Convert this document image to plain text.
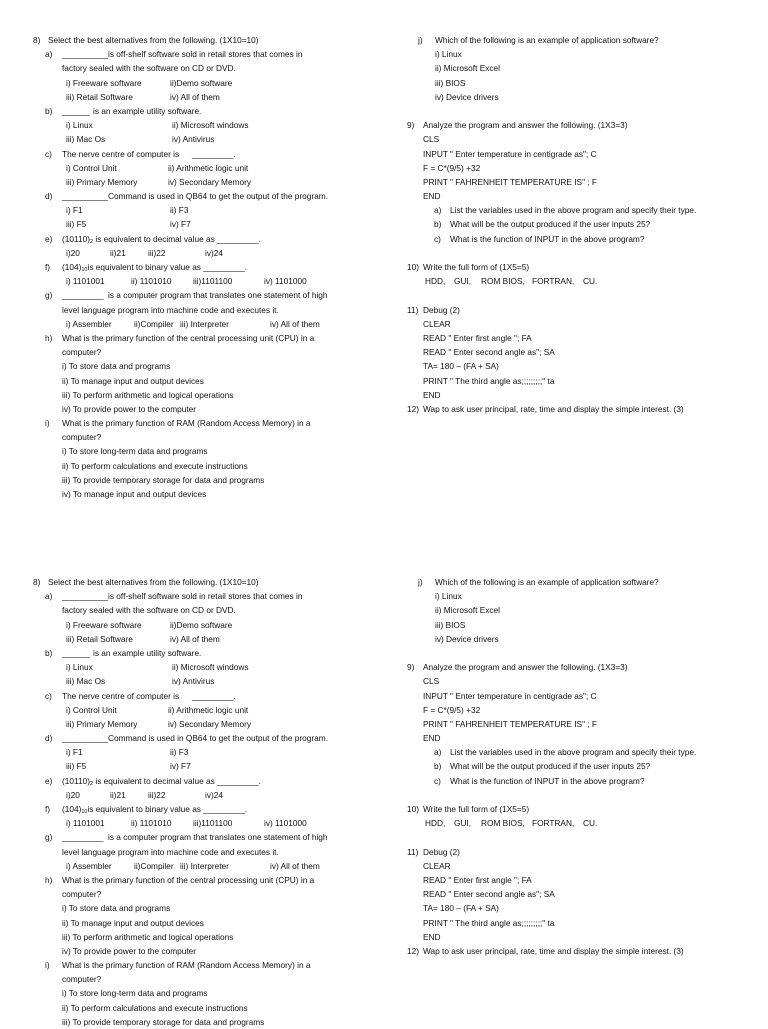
8) Select the best alternatives from the following. (1X10=10)
a) __________ is off-shelf software sold in retail stores that comes in
factory sealed with the software on CD or DVD.
i) Freeware software	ii)Demo software
iii) Retail Software	iv) All of them
b) ______ is an example utility software.
i) Linux	ii) Microsoft windows
iii) Mac Os	iv) Antivirus
c) The nerve centre of computer is _________.
i) Control Unit	ii) Arithmetic logic unit
iii) Primary Memory	iv) Secondary Memory
d) __________ Command is used in QB64 to get the output of the program.
i) F1	ii) F3
iii) F5	iv) F7
e) $(10110)_2$ is equivalent to decimal value as _________.
i)20	ii)21	iii)22	iv)24
f) $(104)_{10}is$ equivalent to binary value as _________.
i) 1101001	ii) 1101010	iii)1101100	iv) 1101000
g) _________ is a computer program that translates one statement of high
level language program into machine code and executes it.
i) Assembler	ii)Compiler iii) Interpreter	iv) All of them
h) What is the primary function of the central processing unit (CPU) in a
computer?
i) To store data and programs
ii) To manage input and output devices
iii) To perform arithmetic and logical operations
iv) To provide power to the computer
i) What is the primary function of RAM (Random Access Memory) in a
computer?
i) To store long-term data and programs
ii) To perform calculations and execute instructions
iii) To provide temporary storage for data and programs
iv) To manage input and output devices
j) Which of the following is an example of application software?
i) Linux
ii) Microsoft Excel
iii) BIOS
iv) Device drivers
9) Analyze the program and answer the following. (1X3=3)
CLS
INPUT " Enter temperature in centigrade as"; C
F = C*(9/5) +32
PRINT " FAHRENHEIT TEMPERATURE IS" ; F
END
a) List the variables used in the above program and specify their type.
b) What will be the output produced if the user inputs 25?
c) What is the function of INPUT in the above program?
10) Write the full form of (1X5=5)
HDD, GUI, ROM BIOS, FORTRAN, CU.
11) Debug (2)
CLEAR
READ " Enter first angle "; FA
READ " Enter second angle as"; SA
TA= 180 – (FA + SA)
PRINT " The third angle as;;;;;;;;;" ta
END
12) Wap to ask user principal, rate, time and display the simple interest. (3)
8) Select the best alternatives from the following. (1X10=10)
a) __________ is off-shelf software sold in retail stores that comes in
factory sealed with the software on CD or DVD.
i) Freeware software	ii)Demo software
iii) Retail Software	iv) All of them
b) ______ is an example utility software.
i) Linux	ii) Microsoft windows
iii) Mac Os	iv) Antivirus
c) The nerve centre of computer is _________.
i) Control Unit	ii) Arithmetic logic unit
iii) Primary Memory	iv) Secondary Memory
d) __________ Command is used in QB64 to get the output of the program.
i) F1	ii) F3
iii) F5	iv) F7
e) $(10110)_2$ is equivalent to decimal value as _________.
i)20	ii)21	iii)22	iv)24
f) $(104)_{10}is$ equivalent to binary value as _________.
i) 1101001	ii) 1101010	iii)1101100	iv) 1101000
g) _________ is a computer program that translates one statement of high
level language program into machine code and executes it.
i) Assembler	ii)Compiler iii) Interpreter	iv) All of them
h) What is the primary function of the central processing unit (CPU) in a
computer?
i) To store data and programs
ii) To manage input and output devices
iii) To perform arithmetic and logical operations
iv) To provide power to the computer
i) What is the primary function of RAM (Random Access Memory) in a
computer?
i) To store long-term data and programs
ii) To perform calculations and execute instructions
iii) To provide temporary storage for data and programs
j) Which of the following is an example of application software?
i) Linux
ii) Microsoft Excel
iii) BIOS
iv) Device drivers
9) Analyze the program and answer the following. (1X3=3)
CLS
INPUT " Enter temperature in centigrade as"; C
F = C*(9/5) +32
PRINT " FAHRENHEIT TEMPERATURE IS" ; F
END
a) List the variables used in the above program and specify their type.
b) What will be the output produced if the user inputs 25?
c) What is the function of INPUT in the above program?
10) Write the full form of (1X5=5)
HDD, GUI, ROM BIOS, FORTRAN, CU.
11) Debug (2)
CLEAR
READ " Enter first angle "; FA
READ " Enter second angle as"; SA
TA= 180 – (FA + SA)
PRINT " The third angle as;;;;;;;;;" ta
END
12) Wap to ask user principal, rate, time and display the simple interest. (3)
